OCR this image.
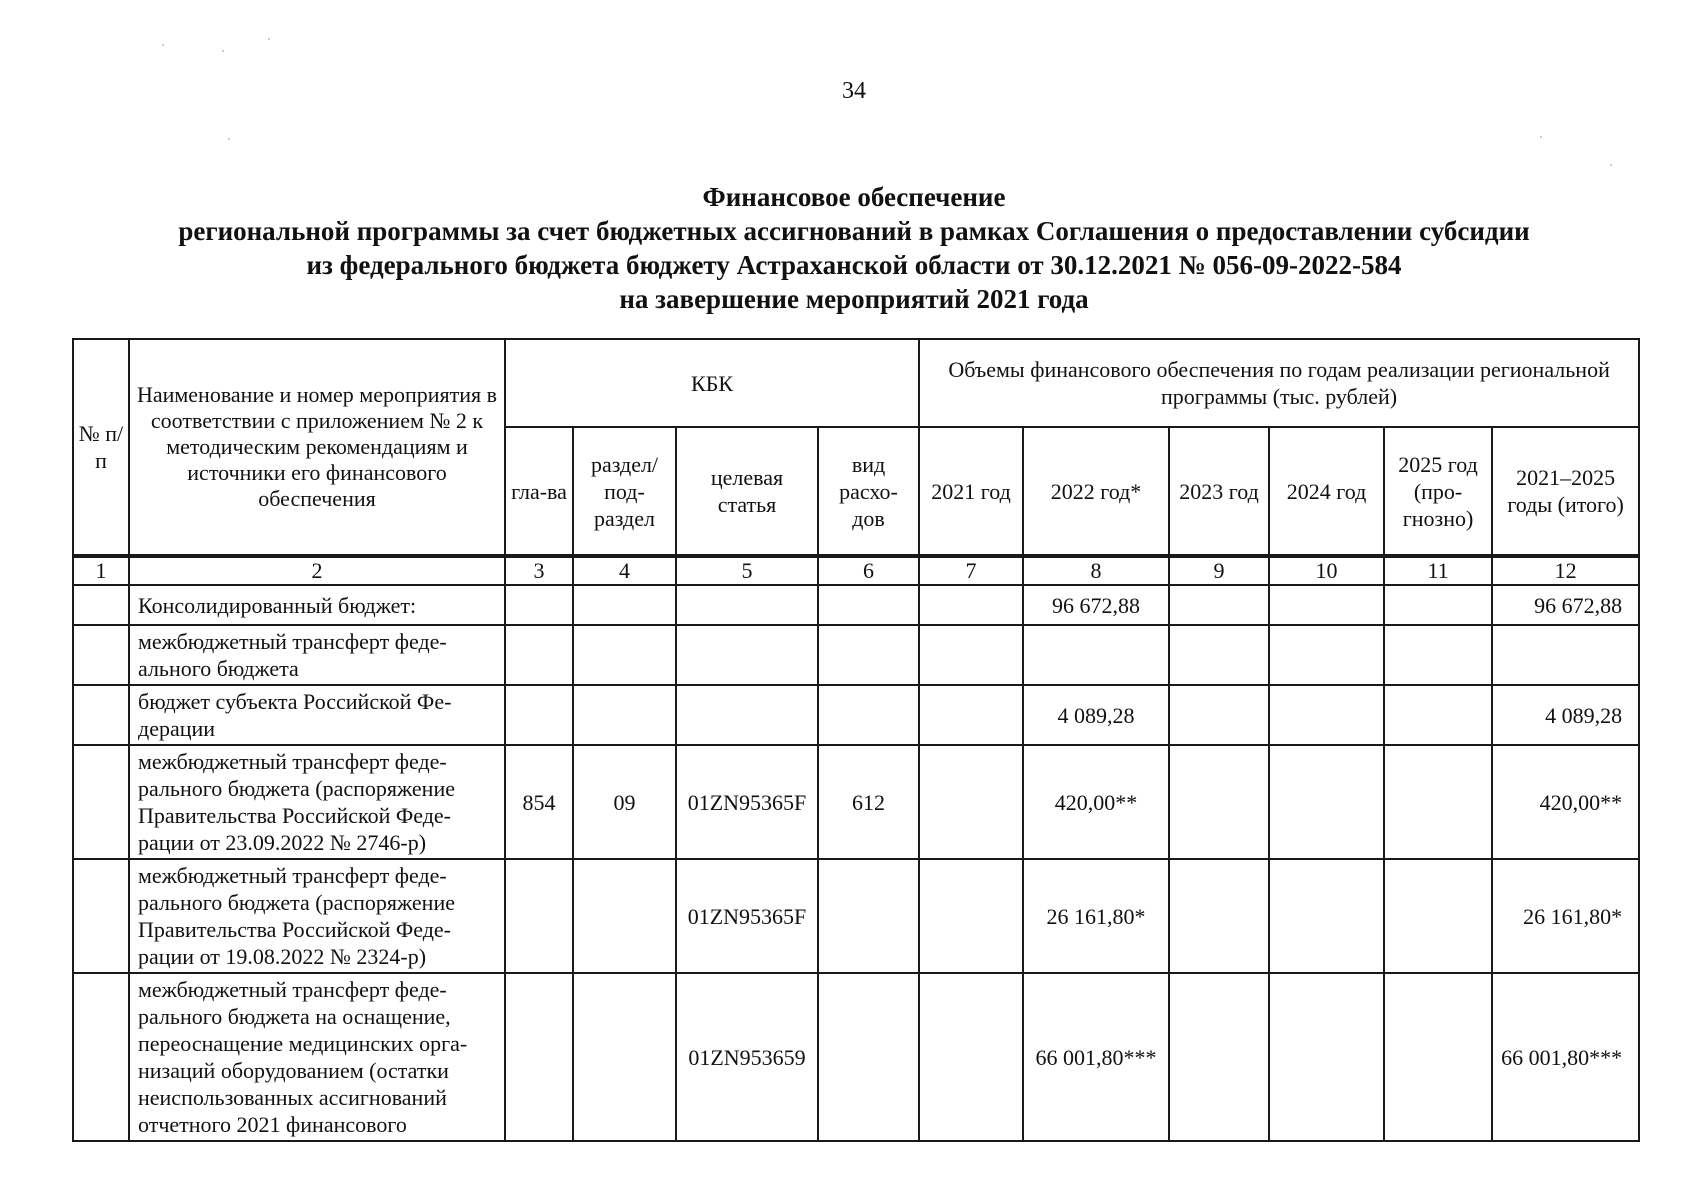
34
Финансовое обеспечение
региональной программы за счет бюджетных ассигнований в рамках Соглашения о предоставлении субсидии
из федерального бюджета бюджету Астраханской области от 30.12.2021 № 056-09-2022-584
на завершение мероприятий 2021 года
№ п/п	Наименование и номер мероприятия в соответствии с приложением № 2 к методическим рекомендациям и источники его финансового обеспечения	КБК				Объемы финансового обеспечения по годам реализации региональной программы (тыс. рублей)					
		гла-ва	раздел/ под-раздел	целевая статья	вид расхо-дов	2021 год	2022 год*	2023 год	2024 год	2025 год (про-гнозно)	2021–2025 годы (итого)
1	2	3	4	5	6	7	8	9	10	11	12
	Консолидированный бюджет:						96 672,88				96 672,88
	межбюджетный трансферт феде-ального бюджета										
	бюджет субъекта Российской Фе-дерации						4 089,28				4 089,28
	межбюджетный трансферт феде-рального бюджета (распоряжение Правительства Российской Феде-рации от 23.09.2022 № 2746-р)	854	09	01ZN95365F	612		420,00**				420,00**
	межбюджетный трансферт феде-рального бюджета (распоряжение Правительства Российской Феде-рации от 19.08.2022 № 2324-р)			01ZN95365F			26 161,80*				26 161,80*
	межбюджетный трансферт феде-рального бюджета на оснащение, переоснащение медицинских орга-низаций оборудованием (остатки неиспользованных ассигнований отчетного 2021 финансового			01ZN953659			66 001,80***				66 001,80***
